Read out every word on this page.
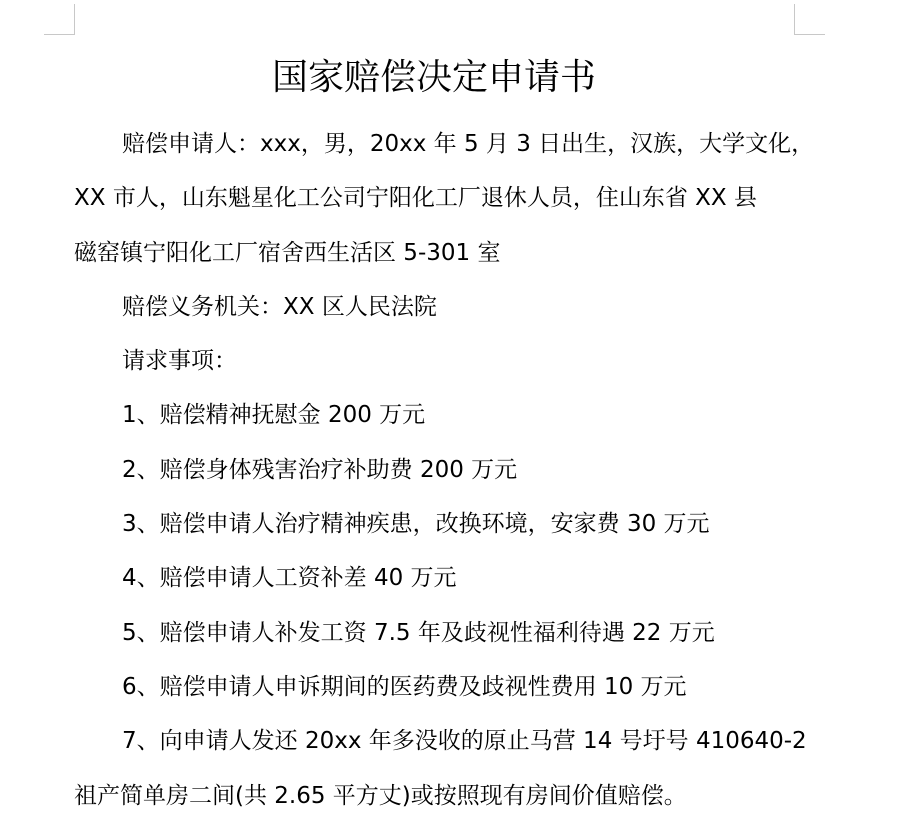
国家赔偿决定申请书

赔偿申请人：xxx，男，20xx 年 5 月 3 日出生，汉族，大学文化，

XX 市人，山东魁星化工公司宁阳化工厂退休人员，住山东省 XX 县

磁窑镇宁阳化工厂宿舍西生活区 5-301 室

赔偿义务机关：XX 区人民法院

请求事项：

1、赔偿精神抚慰金 200 万元

2、赔偿身体残害治疗补助费 200 万元

3、赔偿申请人治疗精神疾患，改换环境，安家费 30 万元

4、赔偿申请人工资补差 40 万元

5、赔偿申请人补发工资 7.5 年及歧视性福利待遇 22 万元

6、赔偿申请人申诉期间的医药费及歧视性费用 10 万元

7、向申请人发还 20xx 年多没收的原止马营 14 号圩号 410640-2

祖产简单房二间(共 2.65 平方丈)或按照现有房间价值赔偿。
